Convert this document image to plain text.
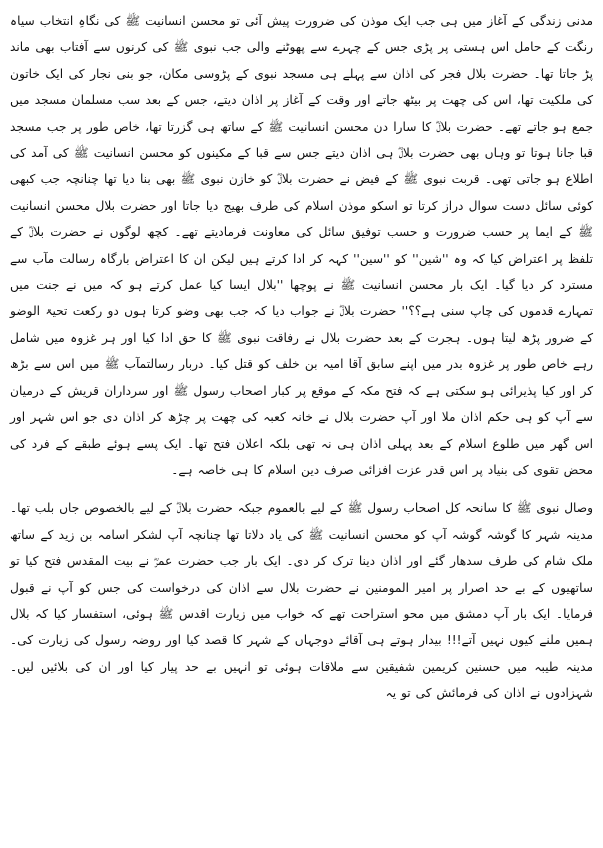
مدنی زندگی کے آغاز میں ہی جب ایک موذن کی ضرورت پیش آئی تو محسن انسانیت ﷺ کی نگاہِ انتخاب سیاہ رنگت کے حامل اس ہستی پر پڑی جس کے چہرے سے پھوٹنے والی جب نبوی ﷺ کی کرنوں سے آفتاب بھی ماند پڑ جاتا تھا۔ حضرت بلال فجر کی اذان سے پہلے ہی مسجد نبوی کے پڑوسی مکان، جو بنی نجار کی ایک خاتون کی ملکیت تھا، اس کی چھت پر بیٹھ جاتے اور وقت کے آغاز پر اذان دیتے، جس کے بعد سب مسلمان مسجد میں جمع ہو جاتے تھے۔ حضرت بلالؓ کا سارا دن محسن انسانیت ﷺ کے ساتھ ہی گزرتا تھا، خاص طور پر جب مسجد قبا جانا ہوتا تو وہاں بھی حضرت بلالؓ ہی اذان دیتے جس سے قبا کے مکینوں کو محسن انسانیت ﷺ کی آمد کی اطلاع ہو جاتی تھی۔ قربت نبوی ﷺ کے فیض نے حضرت بلالؓ کو خازن نبوی ﷺ بھی بنا دیا تھا چنانچہ جب کبھی کوئی سائل دست سوال دراز کرتا تو اسکو موذن اسلام کی طرف بھیج دیا جاتا اور حضرت بلال محسن انسانیت ﷺ کے ایما پر حسب ضرورت و حسب توفیق سائل کی معاونت فرمادیتے تھے۔ کچھ لوگوں نے حضرت بلالؓ کے تلفظ پر اعتراض کیا کہ وہ ''شین'' کو ''سین'' کہہ کر ادا کرتے ہیں لیکن ان کا اعتراض بارگاہ رسالت مآب سے مسترد کر دیا گیا۔ ایک بار محسن انسانیت ﷺ نے پوچھا ''بلال ایسا کیا عمل کرتے ہو کہ میں نے جنت میں تمہارے قدموں کی چاپ سنی ہے؟؟'' حضرت بلالؓ نے جواب دیا کہ جب بھی وضو کرتا ہوں دو رکعت تحیۃ الوضو کے ضرور پڑھ لیتا ہوں۔ ہجرت کے بعد حضرت بلال نے رفاقت نبوی ﷺ کا حق ادا کیا اور ہر غزوہ میں شامل رہے خاص طور پر غزوہ بدر میں اپنے سابق آقا امیہ بن خلف کو قتل کیا۔ دربار رسالتمآب ﷺ میں اس سے بڑھ کر اور کیا پذیرائی ہو سکتی ہے کہ فتح مکہ کے موقع پر کبار اصحاب رسول ﷺ اور سرداران قریش کے درمیان سے آپ کو ہی حکم اذان ملا اور آپ حضرت بلال نے خانہ کعبہ کی چھت پر چڑھ کر اذان دی جو اس شہر اور اس گھر میں طلوع اسلام کے بعد پہلی اذان ہی نہ تھی بلکہ اعلان فتح تھا۔ ایک پسے ہوئے طبقے کے فرد کی محض تقوی کی بنیاد پر اس قدر عزت افزائی صرف دین اسلام کا ہی خاصہ ہے۔

وصال نبوی ﷺ کا سانحہ کل اصحاب رسول ﷺ کے لیے بالعموم جبکہ حضرت بلالؓ کے لیے بالخصوص جاں بلب تھا۔ مدینہ شہر کا گوشہ گوشہ آپ کو محسن انسانیت ﷺ کی یاد دلاتا تھا چنانچہ آپ لشکر اسامہ بن زید کے ساتھ ملک شام کی طرف سدھار گئے اور اذان دینا ترک کر دی۔ ایک بار جب حضرت عمرؓ نے بیت المقدس فتح کیا تو ساتھیوں کے بے حد اصرار پر امیر المومنین نے حضرت بلال سے اذان کی درخواست کی جس کو آپ نے قبول فرمایا۔ ایک بار آپ دمشق میں محو استراحت تھے کہ خواب میں زیارت اقدس ﷺ ہوئی، استفسار کیا کہ بلال ہمیں ملنے کیوں نہیں آتے!!! بیدار ہوتے ہی آقائے دوجہاں کے شہر کا قصد کیا اور روضہ رسول کی زیارت کی۔ مدینہ طیبہ میں حسنین کریمین شفیقین سے ملاقات ہوئی تو انہیں بے حد پیار کیا اور ان کی بلائیں لیں۔ شہزادوں نے اذان کی فرمائش کی تو یہ
